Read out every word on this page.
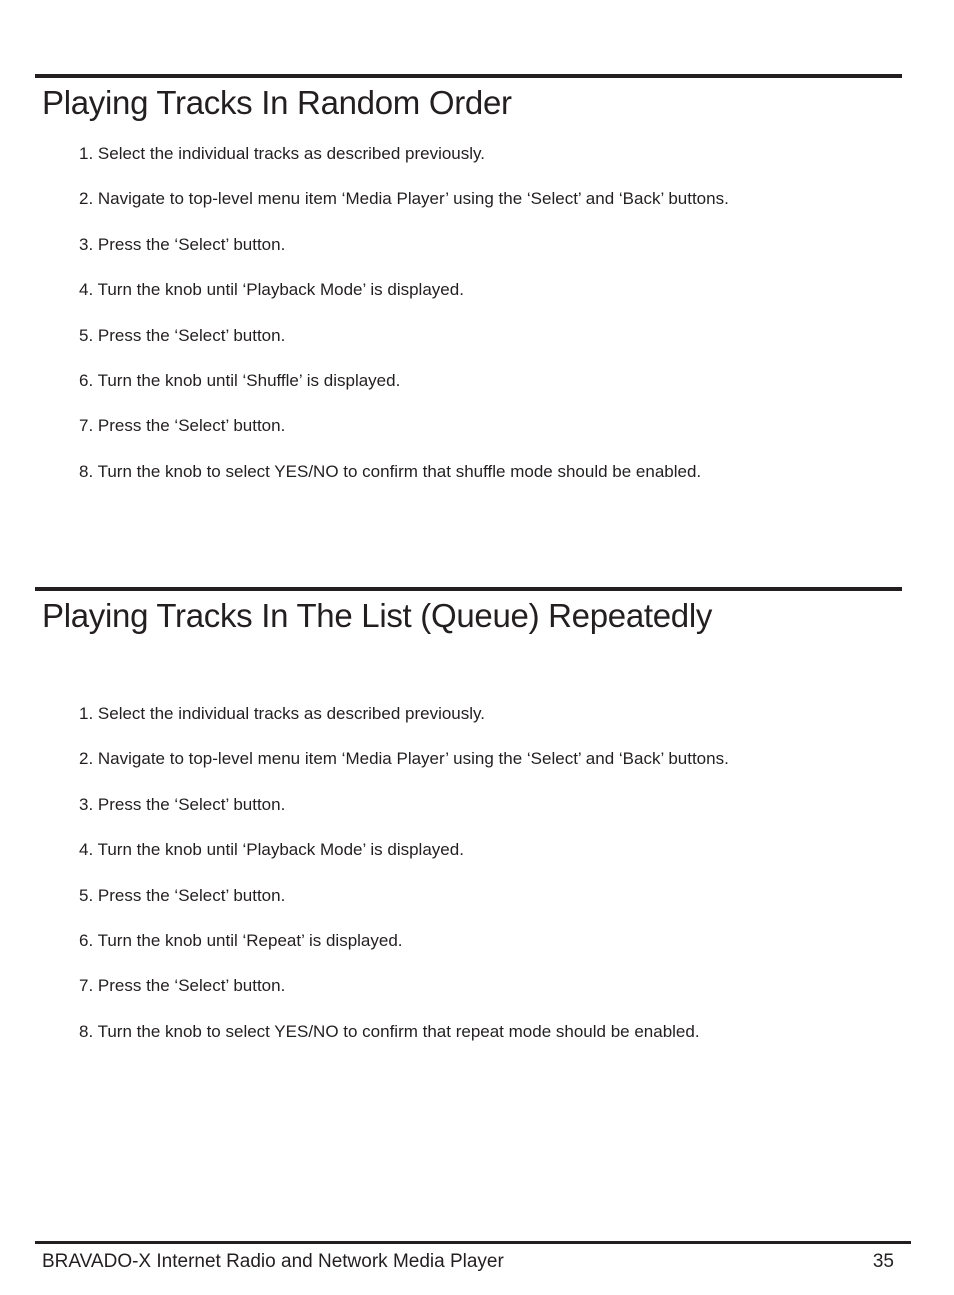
Playing Tracks In Random Order
1. Select the individual tracks as described previously.
2. Navigate to top-level menu item ‘Media Player’ using the ‘Select’ and ‘Back’ buttons.
3. Press the ‘Select’ button.
4. Turn the knob until ‘Playback Mode’ is displayed.
5. Press the ‘Select’ button.
6. Turn the knob until ‘Shuffle’ is displayed.
7. Press the ‘Select’ button.
8. Turn the knob to select YES/NO to confirm that shuffle mode should be enabled.
Playing Tracks In The List (Queue) Repeatedly
1. Select the individual tracks as described previously.
2. Navigate to top-level menu item ‘Media Player’ using the ‘Select’ and ‘Back’ buttons.
3. Press the ‘Select’ button.
4. Turn the knob until ‘Playback Mode’ is displayed.
5. Press the ‘Select’ button.
6. Turn the knob until ‘Repeat’ is displayed.
7. Press the ‘Select’ button.
8. Turn the knob to select YES/NO to confirm that repeat mode should be enabled.
BRAVADO-X Internet Radio and Network Media Player	35
